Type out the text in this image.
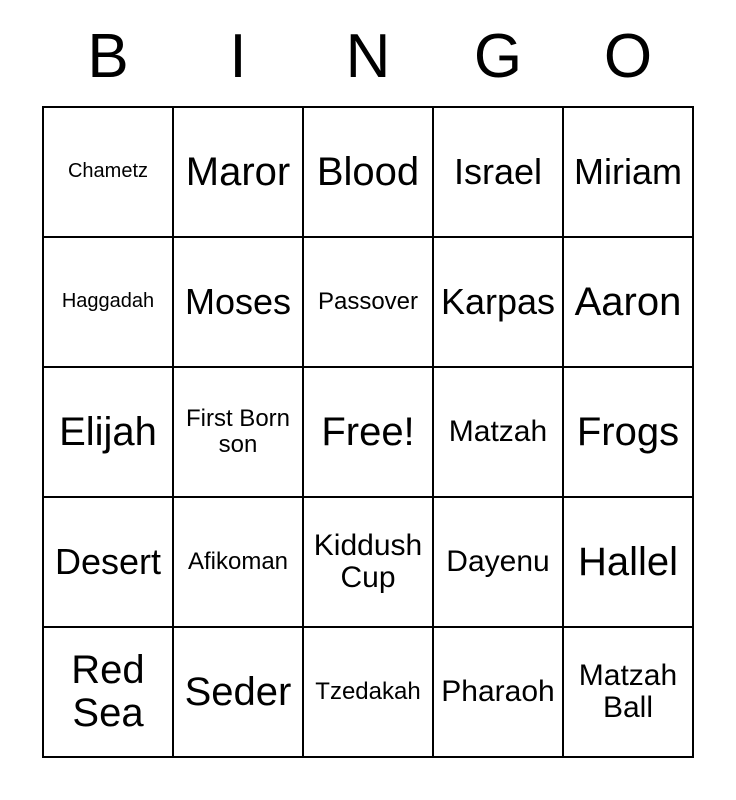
B	I	N	G	O
Chametz	Maror	Blood	Israel	Miriam
Haggadah	Moses	Passover	Karpas	Aaron
Elijah	First Born son	Free!	Matzah	Frogs
Desert	Afikoman	Kiddush Cup	Dayenu	Hallel
Red Sea	Seder	Tzedakah	Pharaoh	Matzah Ball
